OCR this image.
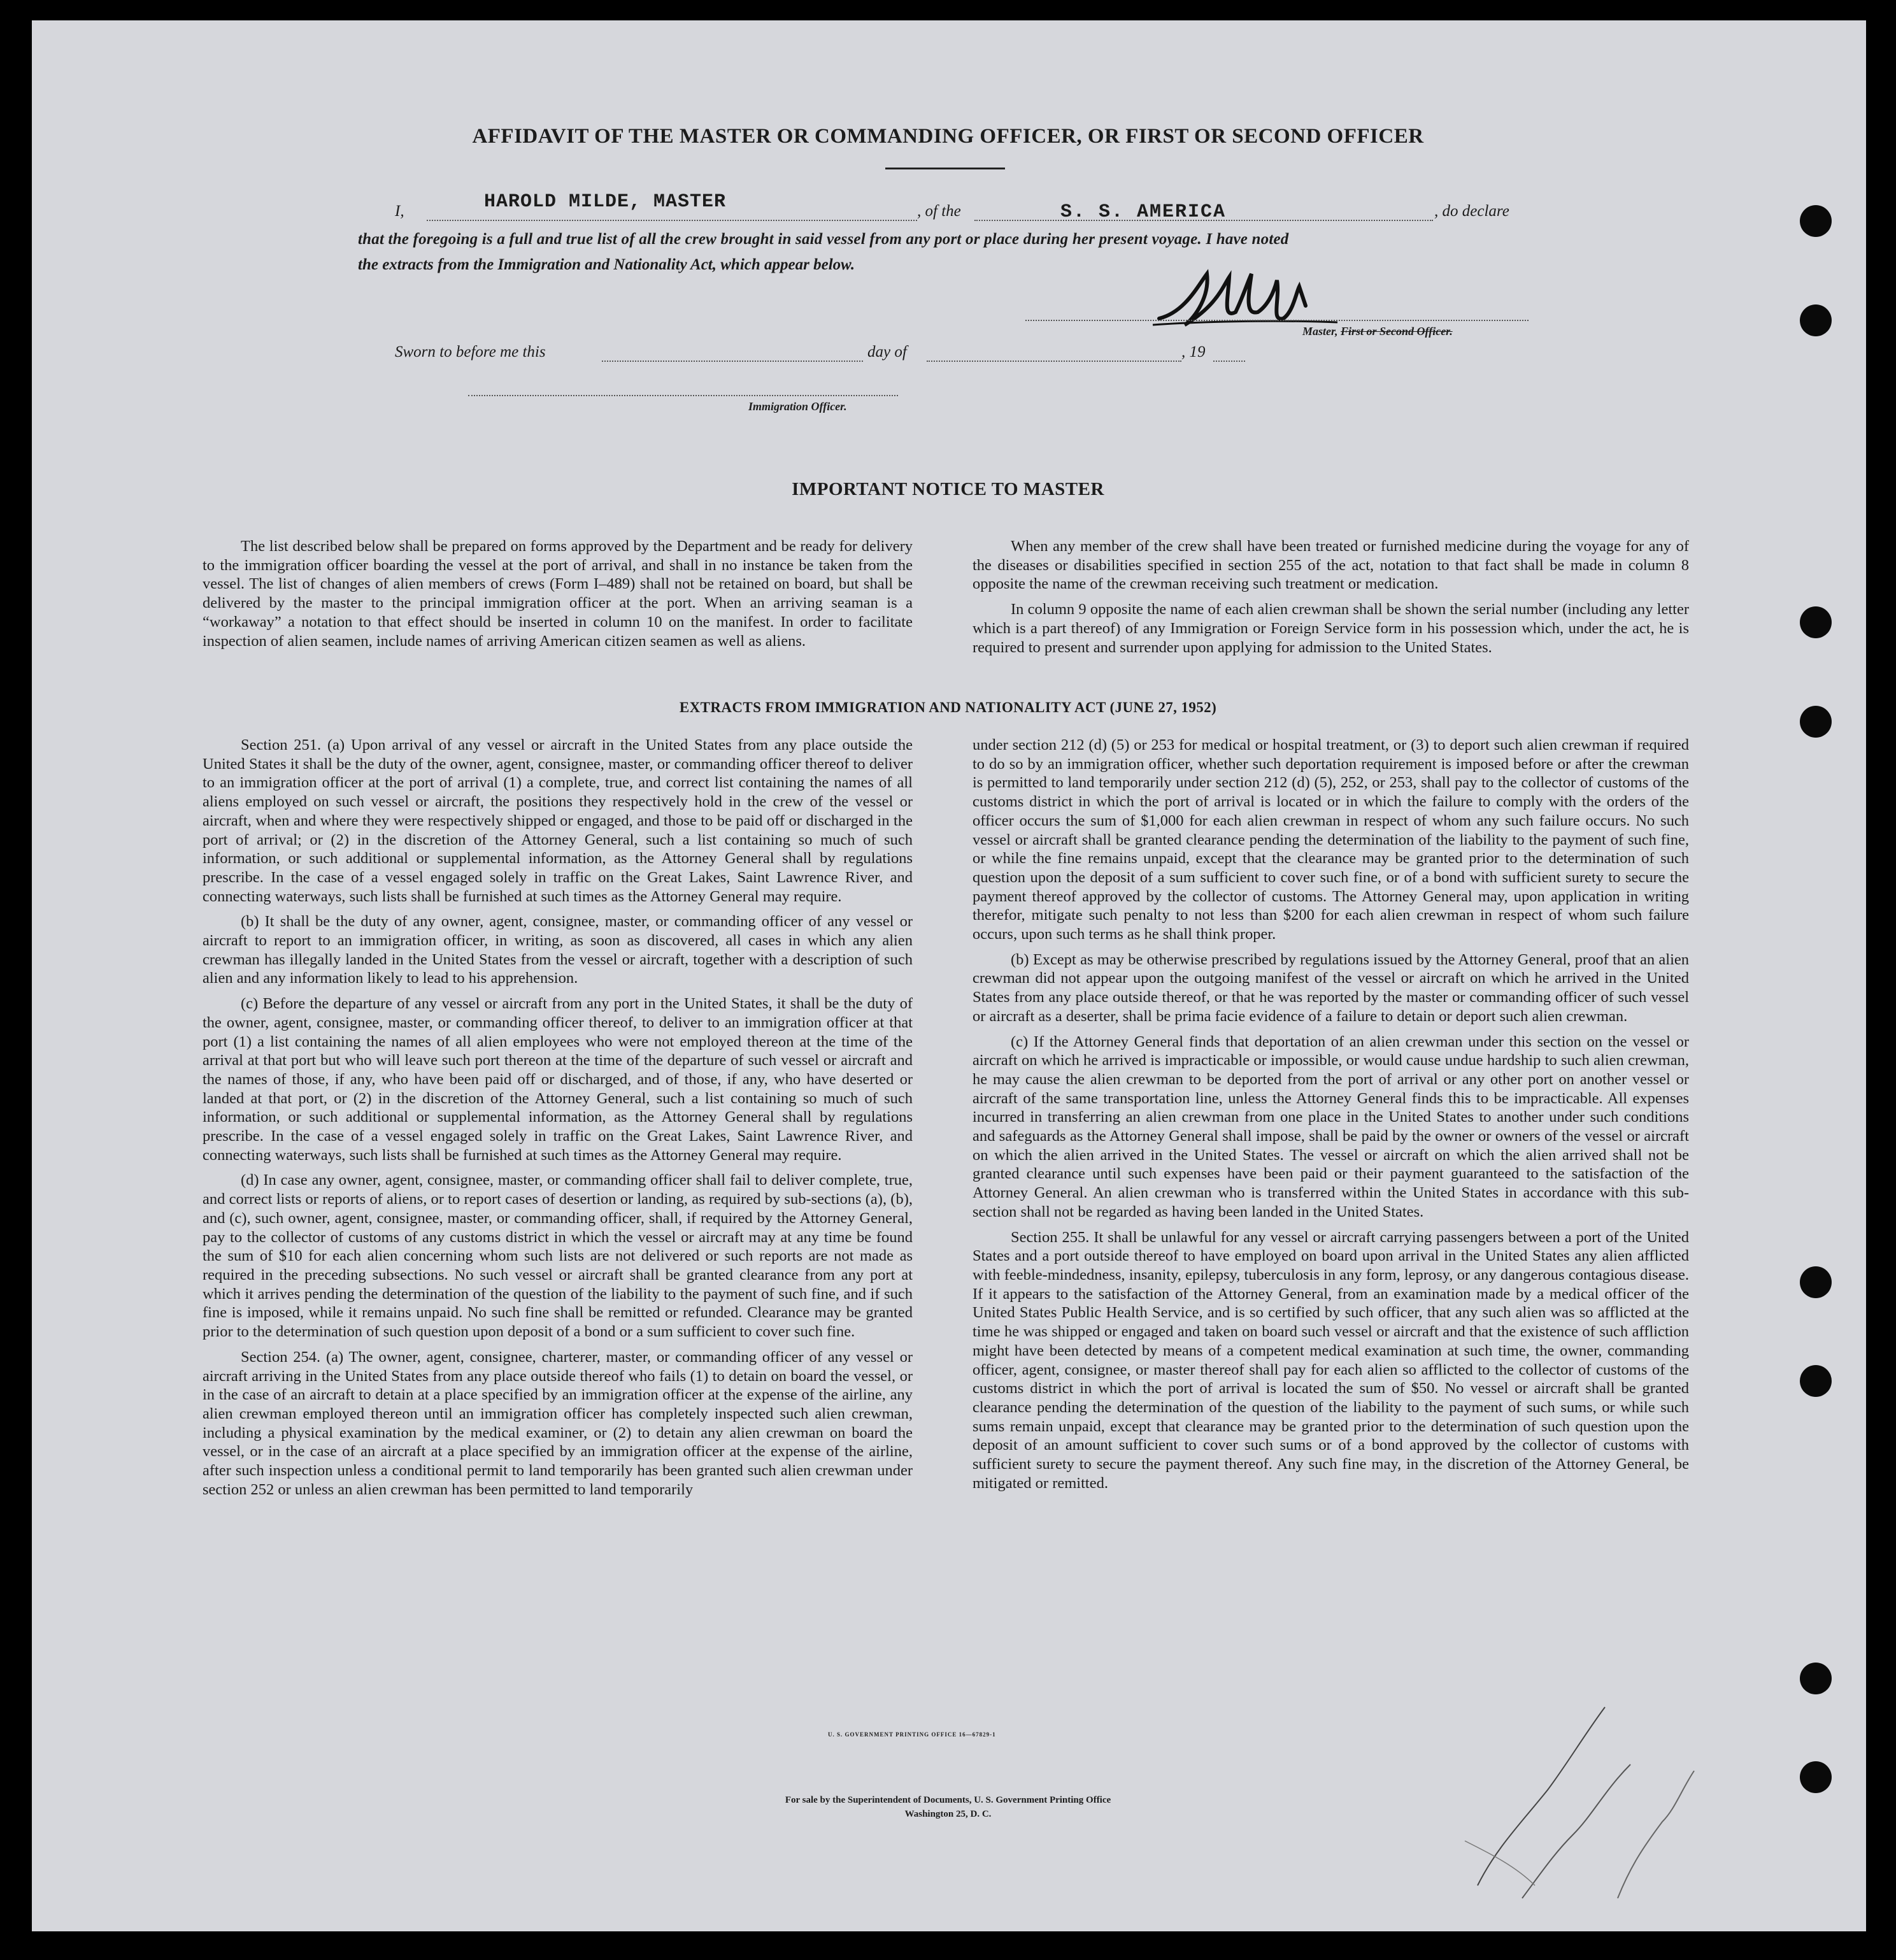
AFFIDAVIT OF THE MASTER OR COMMANDING OFFICER, OR FIRST OR SECOND OFFICER
I,	HAROLD MILDE, MASTER	, of the	S. S. AMERICA	, do declare
that the foregoing is a full and true list of all the crew brought in said vessel from any port or place during her present voyage. I have noted
the extracts from the Immigration and Nationality Act, which appear below.
Master, First or Second Officer.
Sworn to before me this	day of	, 19
Immigration Officer.
IMPORTANT NOTICE TO MASTER

The list described below shall be prepared on forms approved by the Department and be ready for delivery to the immigration officer boarding the vessel at the port of arrival, and shall in no instance be taken from the vessel. The list of changes of alien members of crews (Form I–489) shall not be retained on board, but shall be delivered by the master to the principal immigration officer at the port. When an arriving seaman is a “workaway” a notation to that effect should be inserted in column 10 on the manifest. In order to facilitate inspection of alien seamen, include names of arriving American citizen seamen as well as aliens.

When any member of the crew shall have been treated or furnished medicine during the voyage for any of the diseases or disabilities specified in section 255 of the act, notation to that fact shall be made in column 8 opposite the name of the crewman receiving such treatment or medication.

In column 9 opposite the name of each alien crewman shall be shown the serial number (including any letter which is a part thereof) of any Immigration or Foreign Service form in his possession which, under the act, he is required to present and surrender upon applying for admission to the United States.

EXTRACTS FROM IMMIGRATION AND NATIONALITY ACT (JUNE 27, 1952)

Section 251. (a) Upon arrival of any vessel or aircraft in the United States from any place outside the United States it shall be the duty of the owner, agent, consignee, master, or commanding officer thereof to deliver to an immigration officer at the port of arrival (1) a complete, true, and correct list containing the names of all aliens employed on such vessel or aircraft, the positions they respectively hold in the crew of the vessel or aircraft, when and where they were respectively shipped or engaged, and those to be paid off or discharged in the port of arrival; or (2) in the discretion of the Attorney General, such a list containing so much of such information, or such additional or supplemental information, as the Attorney General shall by regulations prescribe. In the case of a vessel engaged solely in traffic on the Great Lakes, Saint Lawrence River, and connecting waterways, such lists shall be furnished at such times as the Attorney General may require.

(b) It shall be the duty of any owner, agent, consignee, master, or commanding officer of any vessel or aircraft to report to an immigration officer, in writing, as soon as discovered, all cases in which any alien crewman has illegally landed in the United States from the vessel or aircraft, together with a description of such alien and any information likely to lead to his apprehension.

(c) Before the departure of any vessel or aircraft from any port in the United States, it shall be the duty of the owner, agent, consignee, master, or commanding officer thereof, to deliver to an immigration officer at that port (1) a list containing the names of all alien employees who were not employed thereon at the time of the arrival at that port but who will leave such port thereon at the time of the departure of such vessel or aircraft and the names of those, if any, who have been paid off or discharged, and of those, if any, who have deserted or landed at that port, or (2) in the discretion of the Attorney General, such a list containing so much of such information, or such additional or supplemental information, as the Attorney General shall by regulations prescribe. In the case of a vessel engaged solely in traffic on the Great Lakes, Saint Lawrence River, and connecting waterways, such lists shall be furnished at such times as the Attorney General may require.

(d) In case any owner, agent, consignee, master, or commanding officer shall fail to deliver complete, true, and correct lists or reports of aliens, or to report cases of desertion or landing, as required by sub-sections (a), (b), and (c), such owner, agent, consignee, master, or commanding officer, shall, if required by the Attorney General, pay to the collector of customs of any customs district in which the vessel or aircraft may at any time be found the sum of $10 for each alien concerning whom such lists are not delivered or such reports are not made as required in the preceding subsections. No such vessel or aircraft shall be granted clearance from any port at which it arrives pending the determination of the question of the liability to the payment of such fine, and if such fine is imposed, while it remains unpaid. No such fine shall be remitted or refunded. Clearance may be granted prior to the determination of such question upon deposit of a bond or a sum sufficient to cover such fine.

Section 254. (a) The owner, agent, consignee, charterer, master, or commanding officer of any vessel or aircraft arriving in the United States from any place outside thereof who fails (1) to detain on board the vessel, or in the case of an aircraft to detain at a place specified by an immigration officer at the expense of the airline, any alien crewman employed thereon until an immigration officer has completely inspected such alien crewman, including a physical examination by the medical examiner, or (2) to detain any alien crewman on board the vessel, or in the case of an aircraft at a place specified by an immigration officer at the expense of the airline, after such inspection unless a conditional permit to land temporarily has been granted such alien crewman under section 252 or unless an alien crewman has been permitted to land temporarily

under section 212 (d) (5) or 253 for medical or hospital treatment, or (3) to deport such alien crewman if required to do so by an immigration officer, whether such deportation requirement is imposed before or after the crewman is permitted to land temporarily under section 212 (d) (5), 252, or 253, shall pay to the collector of customs of the customs district in which the port of arrival is located or in which the failure to comply with the orders of the officer occurs the sum of $1,000 for each alien crewman in respect of whom any such failure occurs. No such vessel or aircraft shall be granted clearance pending the determination of the liability to the payment of such fine, or while the fine remains unpaid, except that the clearance may be granted prior to the determination of such question upon the deposit of a sum sufficient to cover such fine, or of a bond with sufficient surety to secure the payment thereof approved by the collector of customs. The Attorney General may, upon application in writing therefor, mitigate such penalty to not less than $200 for each alien crewman in respect of whom such failure occurs, upon such terms as he shall think proper.

(b) Except as may be otherwise prescribed by regulations issued by the Attorney General, proof that an alien crewman did not appear upon the outgoing manifest of the vessel or aircraft on which he arrived in the United States from any place outside thereof, or that he was reported by the master or commanding officer of such vessel or aircraft as a deserter, shall be prima facie evidence of a failure to detain or deport such alien crewman.

(c) If the Attorney General finds that deportation of an alien crewman under this section on the vessel or aircraft on which he arrived is impracticable or impossible, or would cause undue hardship to such alien crewman, he may cause the alien crewman to be deported from the port of arrival or any other port on another vessel or aircraft of the same transportation line, unless the Attorney General finds this to be impracticable. All expenses incurred in transferring an alien crewman from one place in the United States to another under such conditions and safeguards as the Attorney General shall impose, shall be paid by the owner or owners of the vessel or aircraft on which the alien arrived in the United States. The vessel or aircraft on which the alien arrived shall not be granted clearance until such expenses have been paid or their payment guaranteed to the satisfaction of the Attorney General. An alien crewman who is transferred within the United States in accordance with this sub-section shall not be regarded as having been landed in the United States.

Section 255. It shall be unlawful for any vessel or aircraft carrying passengers between a port of the United States and a port outside thereof to have employed on board upon arrival in the United States any alien afflicted with feeble-mindedness, insanity, epilepsy, tuberculosis in any form, leprosy, or any dangerous contagious disease. If it appears to the satisfaction of the Attorney General, from an examination made by a medical officer of the United States Public Health Service, and is so certified by such officer, that any such alien was so afflicted at the time he was shipped or engaged and taken on board such vessel or aircraft and that the existence of such affliction might have been detected by means of a competent medical examination at such time, the owner, commanding officer, agent, consignee, or master thereof shall pay for each alien so afflicted to the collector of customs of the customs district in which the port of arrival is located the sum of $50. No vessel or aircraft shall be granted clearance pending the determination of the question of the liability to the payment of such sums, or while such sums remain unpaid, except that clearance may be granted prior to the determination of such question upon the deposit of an amount sufficient to cover such sums or of a bond approved by the collector of customs with sufficient surety to secure the payment thereof. Any such fine may, in the discretion of the Attorney General, be mitigated or remitted.

U. S. GOVERNMENT PRINTING OFFICE 16—67829-1
For sale by the Superintendent of Documents, U. S. Government Printing Office
Washington 25, D. C.
